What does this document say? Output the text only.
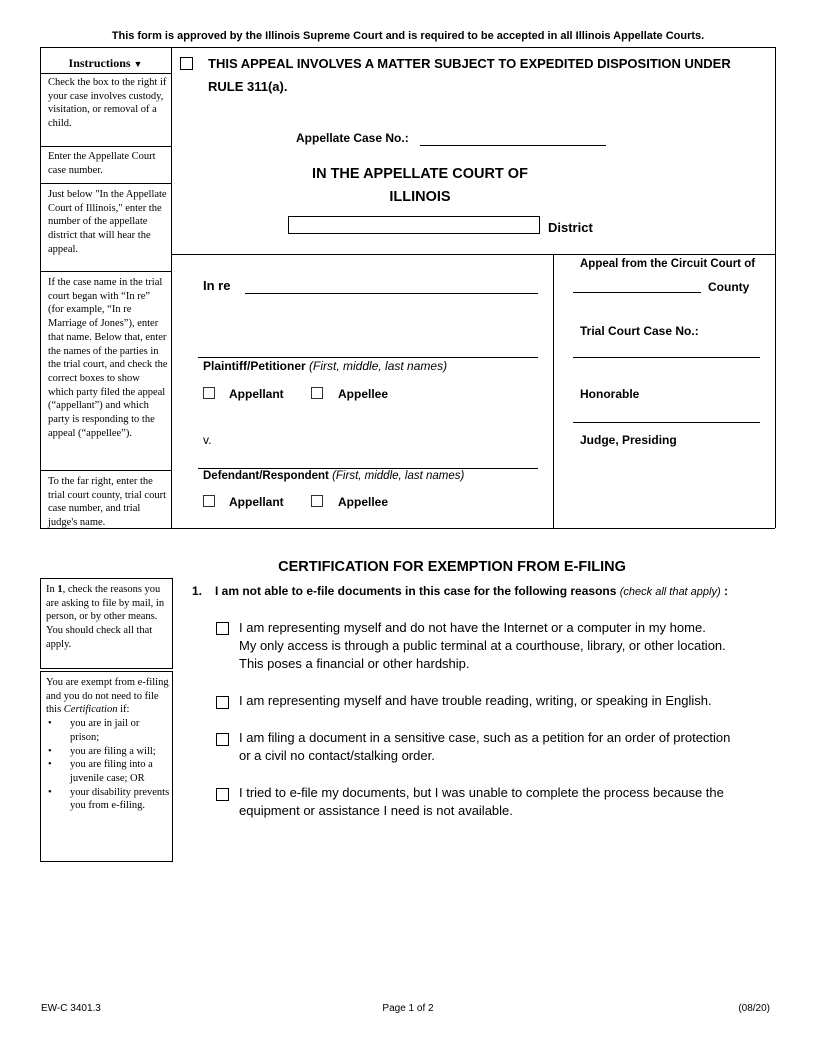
This form is approved by the Illinois Supreme Court and is required to be accepted in all Illinois Appellate Courts.
Instructions ▼
Check the box to the right if your case involves custody, visitation, or removal of a child.
Enter the Appellate Court case number.
Just below "In the Appellate Court of Illinois," enter the number of the appellate district that will hear the appeal.
If the case name in the trial court began with “In re” (for example, “In re Marriage of Jones”), enter that name. Below that, enter the names of the parties in the trial court, and check the correct boxes to show which party filed the appeal (“appellant”) and which party is responding to the appeal (“appellee”).
To the far right, enter the trial court county, trial court case number, and trial judge's name.
THIS APPEAL INVOLVES A MATTER SUBJECT TO EXPEDITED DISPOSITION UNDER
RULE 311(a).
Appellate Case No.:
IN THE APPELLATE COURT OF
ILLINOIS
District
In re
Plaintiff/Petitioner (First, middle, last names)
Appellant	Appellee
v.
Defendant/Respondent (First, middle, last names)
Appellant	Appellee
Appeal from the Circuit Court of
County
Trial Court Case No.:
Honorable
Judge, Presiding
CERTIFICATION FOR EXEMPTION FROM E-FILING
In 1, check the reasons you are asking to file by mail, in person, or by other means. You should check all that apply.
You are exempt from e-filing and you do not need to file this Certification if:
• you are in jail or prison;
• you are filing a will;
• you are filing into a juvenile case; OR
• your disability prevents you from e-filing.
1. I am not able to e-file documents in this case for the following reasons (check all that apply) :
I am representing myself and do not have the Internet or a computer in my home.
My only access is through a public terminal at a courthouse, library, or other location.
This poses a financial or other hardship.
I am representing myself and have trouble reading, writing, or speaking in English.
I am filing a document in a sensitive case, such as a petition for an order of protection
or a civil no contact/stalking order.
I tried to e-file my documents, but I was unable to complete the process because the
equipment or assistance I need is not available.
EW-C 3401.3	Page 1 of 2	(08/20)
